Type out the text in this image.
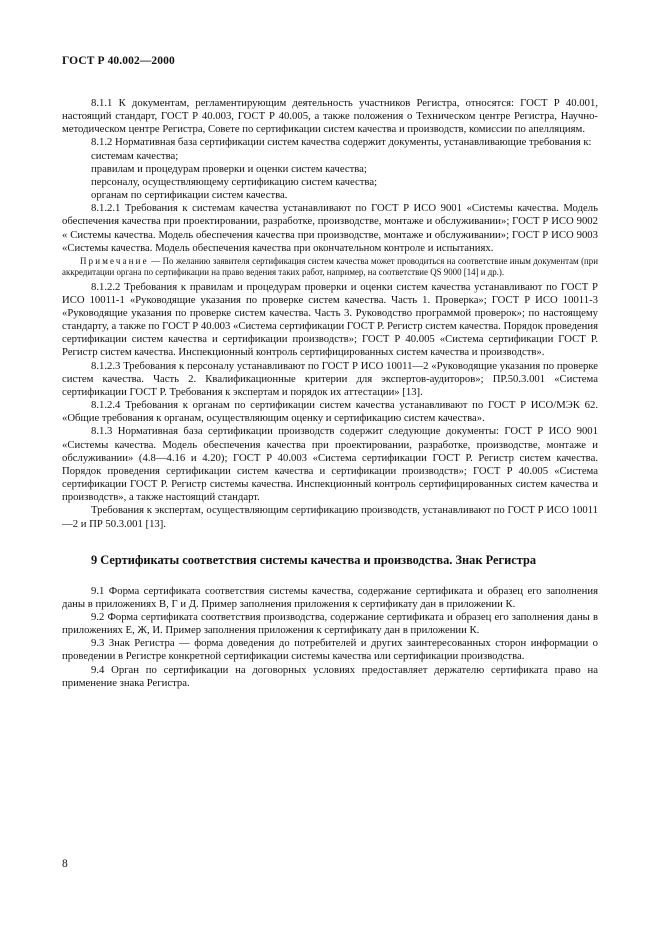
ГОСТ Р 40.002—2000

8.1.1 К документам, регламентирующим деятельность участников Регистра, относятся: ГОСТ Р 40.001, настоящий стандарт, ГОСТ Р 40.003, ГОСТ Р 40.005, а также положения о Техническом центре Регистра, Научно-методическом центре Регистра, Совете по сертификации систем качества и производств, комиссии по апелляциям.

8.1.2 Нормативная база сертификации систем качества содержит документы, устанавливающие требования к:

системам качества;

правилам и процедурам проверки и оценки систем качества;

персоналу, осуществляющему сертификацию систем качества;

органам по сертификации систем качества.

8.1.2.1 Требования к системам качества устанавливают по ГОСТ Р ИСО 9001 «Системы качества. Модель обеспечения качества при проектировании, разработке, производстве, монтаже и обслуживании»; ГОСТ Р ИСО 9002 « Системы качества. Модель обеспечения качества при производстве, монтаже и обслуживании»; ГОСТ Р ИСО 9003 «Системы качества. Модель обеспечения качества при окончательном контроле и испытаниях.

Примечание — По желанию заявителя сертификация систем качества может проводиться на соответствие иным документам (при аккредитации органа по сертификации на право ведения таких работ, например, на соответствие QS 9000 [14] и др.).

8.1.2.2 Требования к правилам и процедурам проверки и оценки систем качества устанавливают по ГОСТ Р ИСО 10011-1 «Руководящие указания по проверке систем качества. Часть 1. Проверка»; ГОСТ Р ИСО 10011-3 «Руководящие указания по проверке систем качества. Часть 3. Руководство программой проверок»; по настоящему стандарту, а также по ГОСТ Р 40.003 «Система сертификации ГОСТ Р. Регистр систем качества. Порядок проведения сертификации систем качества и сертификации производств»; ГОСТ Р 40.005 «Система сертификации ГОСТ Р. Регистр систем качества. Инспекционный контроль сертифицированных систем качества и производств».

8.1.2.3 Требования к персоналу устанавливают по ГОСТ Р ИСО 10011—2 «Руководящие указания по проверке систем качества. Часть 2. Квалификационные критерии для экспертов-аудиторов»; ПР.50.3.001 «Система сертификации ГОСТ Р. Требования к экспертам и порядок их аттестации» [13].

8.1.2.4 Требования к органам по сертификации систем качества устанавливают по ГОСТ Р ИСО/МЭК 62. «Общие требования к органам, осуществляющим оценку и сертификацию систем качества».

8.1.3 Нормативная база сертификации производств содержит следующие документы: ГОСТ Р ИСО 9001 «Системы качества. Модель обеспечения качества при проектировании, разработке, производстве, монтаже и обслуживании» (4.8—4.16 и 4.20); ГОСТ Р 40.003 «Система сертификации ГОСТ Р. Регистр систем качества. Порядок проведения сертификации систем качества и сертификации производств»; ГОСТ Р 40.005 «Система сертификации ГОСТ Р. Регистр системы качества. Инспекционный контроль сертифицированных систем качества и производств», а также настоящий стандарт.

Требования к экспертам, осуществляющим сертификацию производств, устанавливают по ГОСТ Р ИСО 10011—2 и ПР 50.3.001 [13].

9 Сертификаты соответствия системы качества и производства. Знак Регистра

9.1 Форма сертификата соответствия системы качества, содержание сертификата и образец его заполнения даны в приложениях В, Г и Д. Пример заполнения приложения к сертификату дан в приложении К.

9.2 Форма сертификата соответствия производства, содержание сертификата и образец его заполнения даны в приложениях Е, Ж, И. Пример заполнения приложения к сертификату дан в приложении К.

9.3 Знак Регистра — форма доведения до потребителей и других заинтересованных сторон информации о проведении в Регистре конкретной сертификации системы качества или сертификации производства.

9.4 Орган по сертификации на договорных условиях предоставляет держателю сертификата право на применение знака Регистра.

8
